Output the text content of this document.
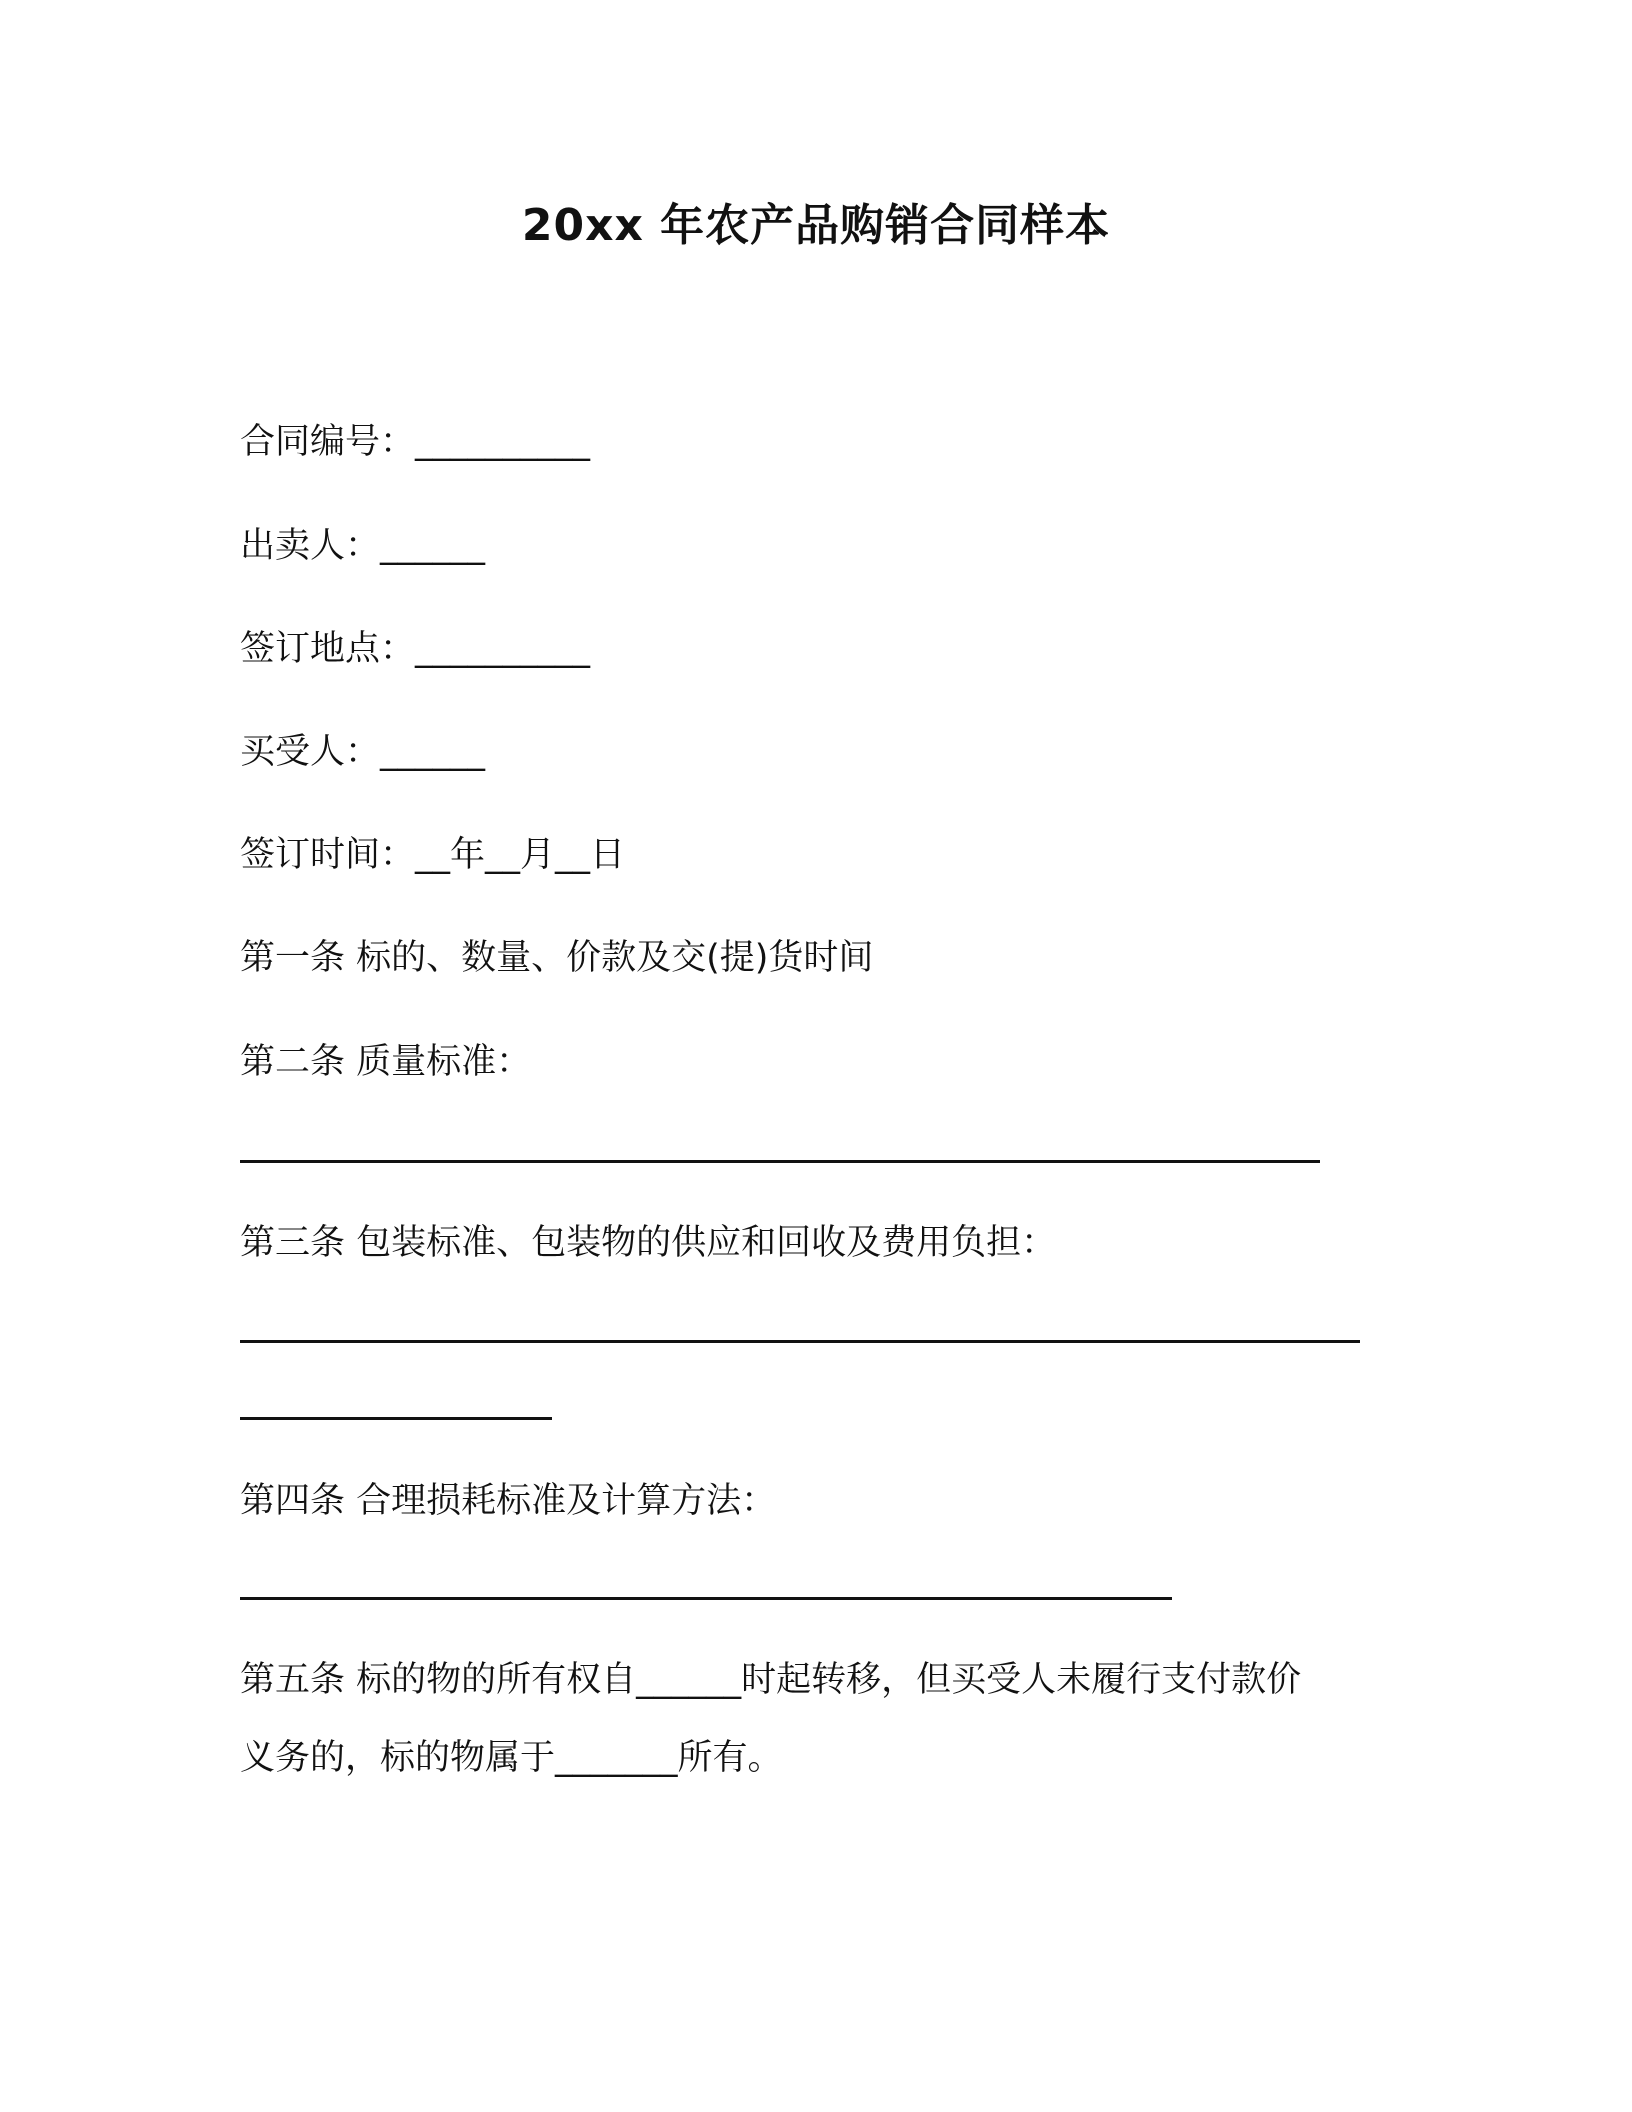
20xx 年农产品购销合同样本
合同编号：__________
出卖人：______
签订地点：__________
买受人：______
签订时间：__年__月__日
第一条 标的、数量、价款及交(提)货时间
第二条 质量标准：
第三条 包装标准、包装物的供应和回收及费用负担：
第四条 合理损耗标准及计算方法：
第五条 标的物的所有权自______时起转移，但买受人未履行支付款价
义务的，标的物属于_______所有。
